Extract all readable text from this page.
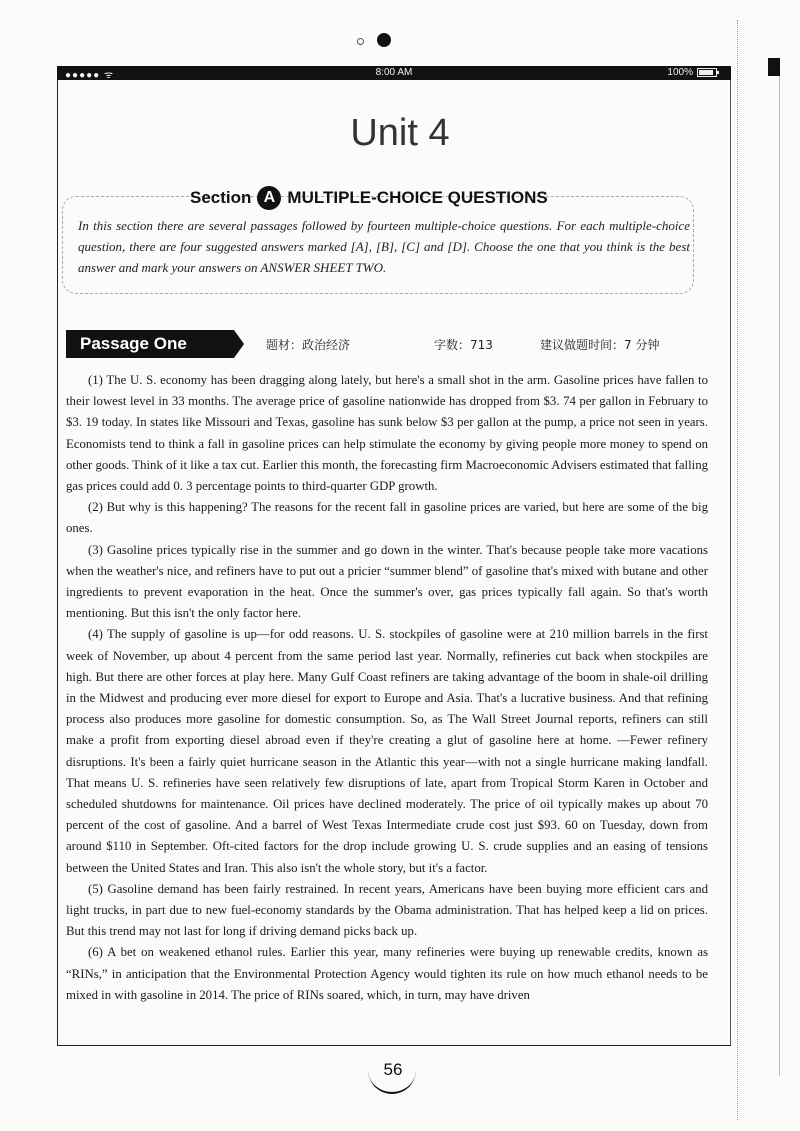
●●●●● ᯤ	8:00 AM	100%
Unit 4
Section A MULTIPLE-CHOICE QUESTIONS
In this section there are several passages followed by fourteen multiple-choice questions. For each multiple-choice question, there are four suggested answers marked [A], [B], [C] and [D]. Choose the one that you think is the best answer and mark your answers on ANSWER SHEET TWO.
Passage One	题材：政治经济	字数：713	建议做题时间：7 分钟

(1) The U. S. economy has been dragging along lately, but here's a small shot in the arm. Gasoline prices have fallen to their lowest level in 33 months. The average price of gasoline nationwide has dropped from $3. 74 per gallon in February to $3. 19 today. In states like Missouri and Texas, gasoline has sunk below $3 per gallon at the pump, a price not seen in years. Economists tend to think a fall in gasoline prices can help stimulate the economy by giving people more money to spend on other goods. Think of it like a tax cut. Earlier this month, the forecasting firm Macroeconomic Advisers estimated that falling gas prices could add 0. 3 percentage points to third-quarter GDP growth.

(2) But why is this happening? The reasons for the recent fall in gasoline prices are varied, but here are some of the big ones.

(3) Gasoline prices typically rise in the summer and go down in the winter. That's because people take more vacations when the weather's nice, and refiners have to put out a pricier “summer blend” of gasoline that's mixed with butane and other ingredients to prevent evaporation in the heat. Once the summer's over, gas prices typically fall again. So that's worth mentioning. But this isn't the only factor here.

(4) The supply of gasoline is up—for odd reasons. U. S. stockpiles of gasoline were at 210 million barrels in the first week of November, up about 4 percent from the same period last year. Normally, refineries cut back when stockpiles are high. But there are other forces at play here. Many Gulf Coast refiners are taking advantage of the boom in shale-oil drilling in the Midwest and producing ever more diesel for export to Europe and Asia. That's a lucrative business. And that refining process also produces more gasoline for domestic consumption. So, as The Wall Street Journal reports, refiners can still make a profit from exporting diesel abroad even if they're creating a glut of gasoline here at home. —Fewer refinery disruptions. It's been a fairly quiet hurricane season in the Atlantic this year—with not a single hurricane making landfall. That means U. S. refineries have seen relatively few disruptions of late, apart from Tropical Storm Karen in October and scheduled shutdowns for maintenance. Oil prices have declined moderately. The price of oil typically makes up about 70 percent of the cost of gasoline. And a barrel of West Texas Intermediate crude cost just $93. 60 on Tuesday, down from around $110 in September. Oft-cited factors for the drop include growing U. S. crude supplies and an easing of tensions between the United States and Iran. This also isn't the whole story, but it's a factor.

(5) Gasoline demand has been fairly restrained. In recent years, Americans have been buying more efficient cars and light trucks, in part due to new fuel-economy standards by the Obama administration. That has helped keep a lid on prices. But this trend may not last for long if driving demand picks back up.

(6) A bet on weakened ethanol rules. Earlier this year, many refineries were buying up renewable credits, known as “RINs,” in anticipation that the Environmental Protection Agency would tighten its rule on how much ethanol needs to be mixed in with gasoline in 2014. The price of RINs soared, which, in turn, may have driven

56
